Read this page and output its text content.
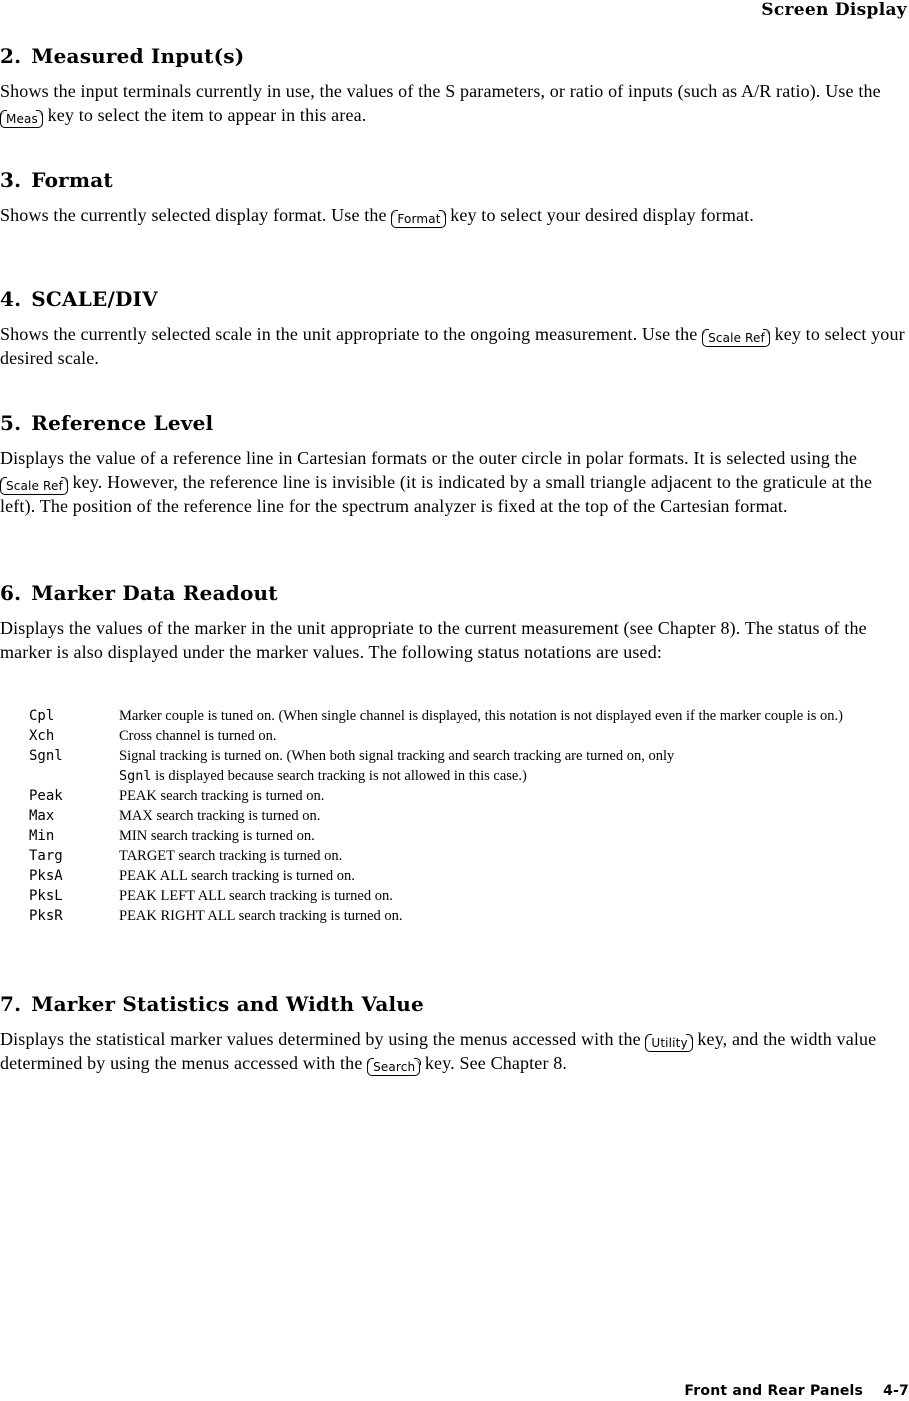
Screen Display
2. Measured Input(s)

Shows the input terminals currently in use, the values of the S parameters, or ratio of inputs (such as A/R ratio). Use the Meas key to select the item to appear in this area.

3. Format

Shows the currently selected display format. Use the Format key to select your desired display format.

4. SCALE/DIV

Shows the currently selected scale in the unit appropriate to the ongoing measurement. Use the Scale Ref key to select your desired scale.

5. Reference Level

Displays the value of a reference line in Cartesian formats or the outer circle in polar formats. It is selected using the Scale Ref key. However, the reference line is invisible (it is indicated by a small triangle adjacent to the graticule at the left). The position of the reference line for the spectrum analyzer is fixed at the top of the Cartesian format.

6. Marker Data Readout

Displays the values of the marker in the unit appropriate to the current measurement (see Chapter 8). The status of the marker is also displayed under the marker values. The following status notations are used:

Cpl	Marker couple is tuned on. (When single channel is displayed, this notation is not displayed even if the marker couple is on.)
Xch	Cross channel is turned on.
Sgnl	Signal tracking is turned on. (When both signal tracking and search tracking are turned on, only
Sgnl is displayed because search tracking is not allowed in this case.)
Peak	PEAK search tracking is turned on.
Max	MAX search tracking is turned on.
Min	MIN search tracking is turned on.
Targ	TARGET search tracking is turned on.
PksA	PEAK ALL search tracking is turned on.
PksL	PEAK LEFT ALL search tracking is turned on.
PksR	PEAK RIGHT ALL search tracking is turned on.
7. Marker Statistics and Width Value

Displays the statistical marker values determined by using the menus accessed with the Utility key, and the width value determined by using the menus accessed with the Search key. See Chapter 8.

Front and Rear Panels 4-7
